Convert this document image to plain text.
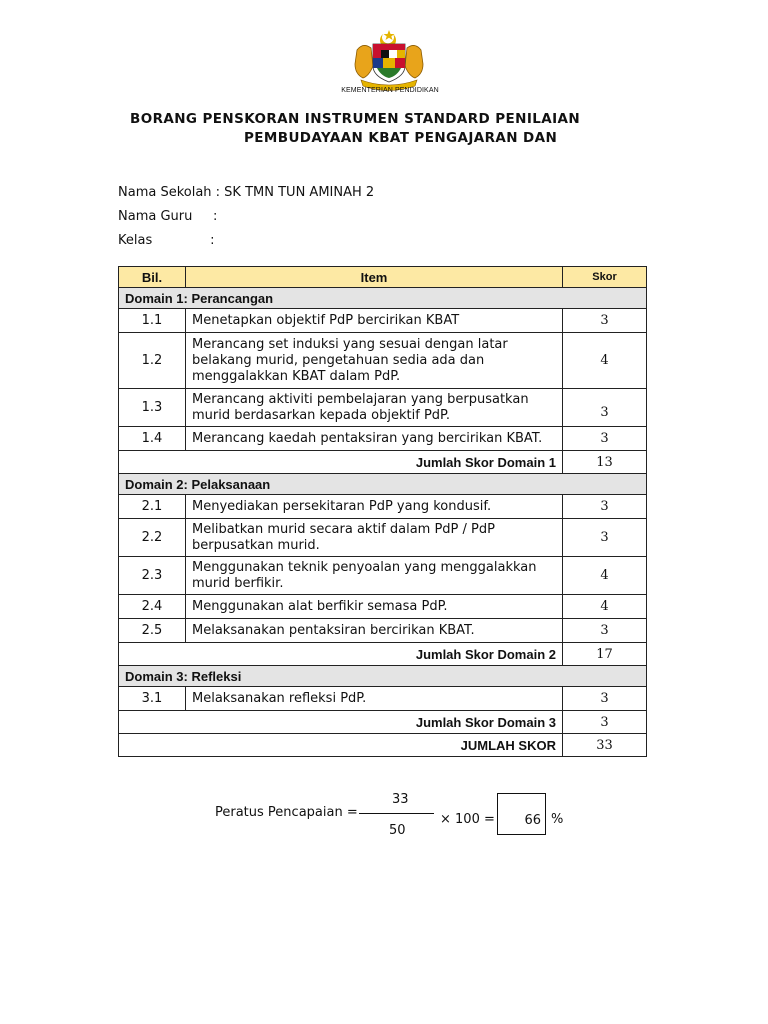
KEMENTERIAN PENDIDIKAN
BORANG PENSKORAN INSTRUMEN STANDARD PENILAIAN
PEMBUDAYAAN KBAT PENGAJARAN DAN
Nama Sekolah : SK TMN TUN AMINAH 2
Nama Guru     :
Kelas              :
Bil.	Item	Skor
Domain 1: Perancangan		
1.1	Menetapkan objektif PdP bercirikan KBAT	3
1.2	Merancang set induksi yang sesuai dengan latar belakang murid, pengetahuan sedia ada dan menggalakkan KBAT dalam PdP.	4
1.3	Merancang aktiviti pembelajaran yang berpusatkan murid berdasarkan kepada objektif PdP.	3
1.4	Merancang kaedah pentaksiran yang bercirikan KBAT.	3
Jumlah Skor Domain 1		13
Domain 2: Pelaksanaan		
2.1	Menyediakan persekitaran PdP yang kondusif.	3
2.2	Melibatkan murid secara aktif dalam PdP / PdP berpusatkan murid.	3
2.3	Menggunakan teknik penyoalan yang menggalakkan murid berfikir.	4
2.4	Menggunakan alat berfikir semasa PdP.	4
2.5	Melaksanakan pentaksiran bercirikan KBAT.	3
Jumlah Skor Domain 2		17
Domain 3: Refleksi		
3.1	Melaksanakan refleksi PdP.	3
Jumlah Skor Domain 3		3
JUMLAH SKOR		33
Peratus Pencapaian =
33
50
× 100 = 66 %
